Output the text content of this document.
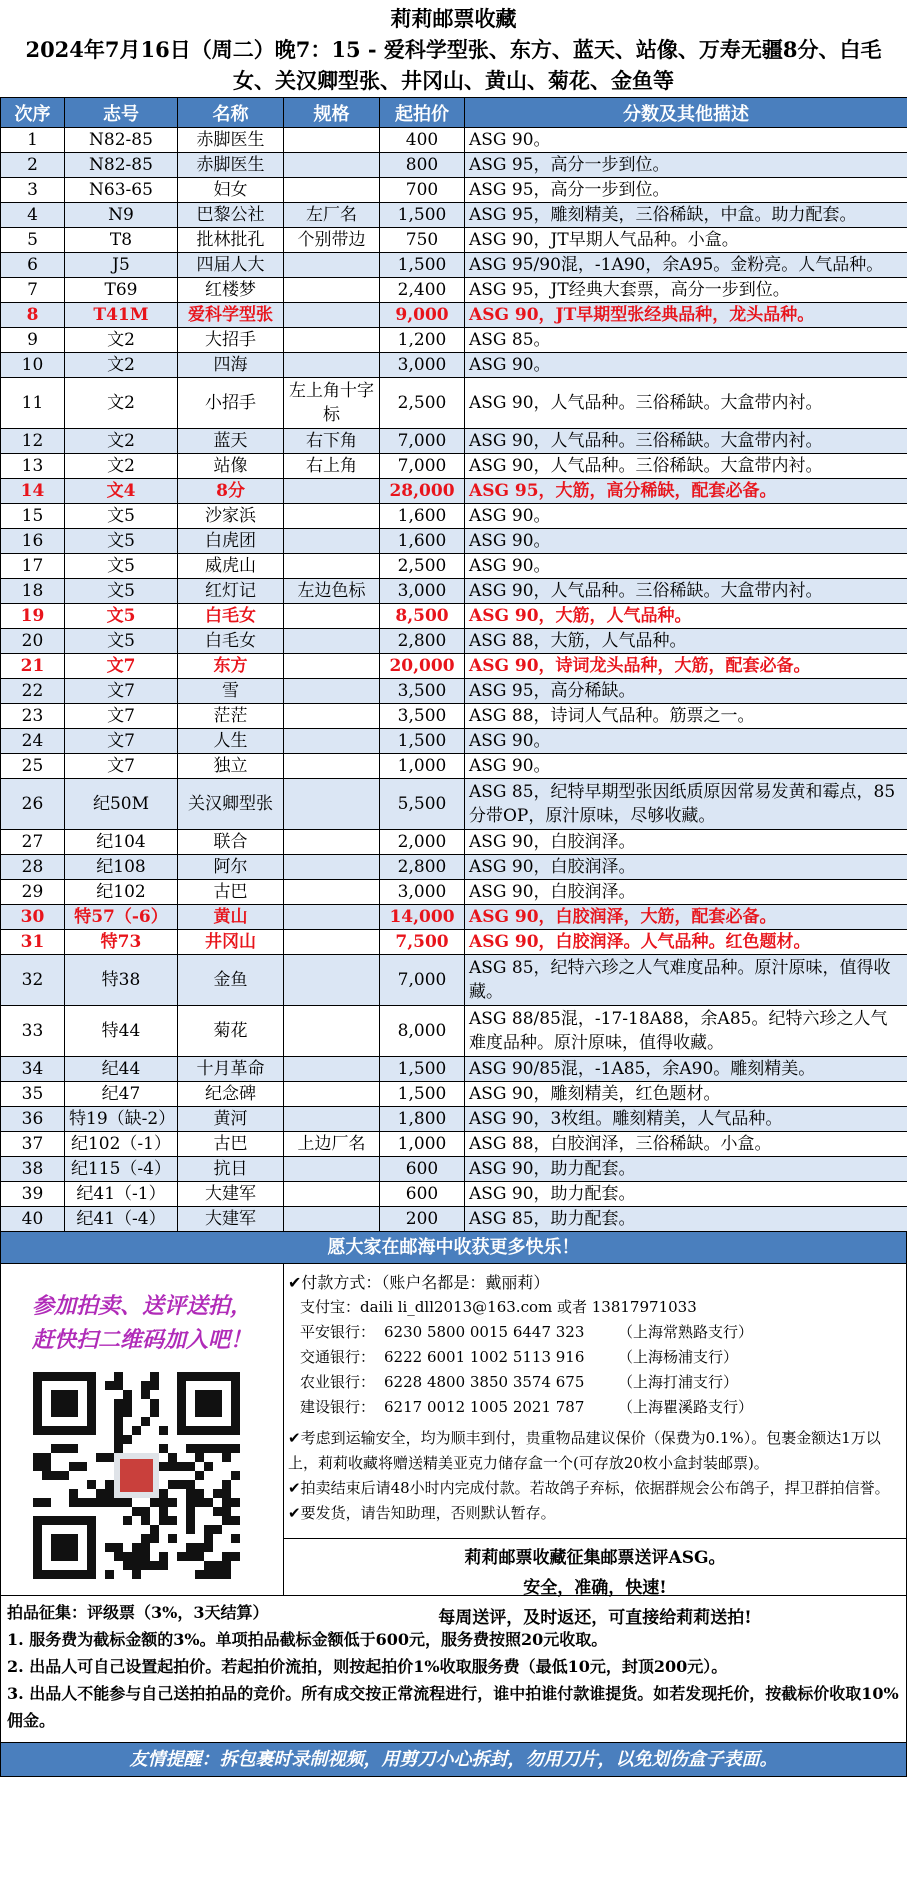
莉莉邮票收藏
2024年7月16日（周二）晚7：15 - 爱科学型张、东方、蓝天、站像、万寿无疆8分、白毛
女、关汉卿型张、井冈山、黄山、菊花、金鱼等
次序	志号	名称	规格	起拍价	分数及其他描述
1	N82-85	赤脚医生		400	ASG 90。
2	N82-85	赤脚医生		800	ASG 95，高分一步到位。
3	N63-65	妇女		700	ASG 95，高分一步到位。
4	N9	巴黎公社	左厂名	1,500	ASG 95，雕刻精美，三俗稀缺，中盒。助力配套。
5	T8	批林批孔	个别带边	750	ASG 90，JT早期人气品种。小盒。
6	J5	四届人大		1,500	ASG 95/90混，-1A90，余A95。金粉亮。人气品种。
7	T69	红楼梦		2,400	ASG 95，JT经典大套票，高分一步到位。
8	T41M	爱科学型张		9,000	ASG 90，JT早期型张经典品种，龙头品种。
9	文2	大招手		1,200	ASG 85。
10	文2	四海		3,000	ASG 90。
11	文2	小招手	左上角十字标	2,500	ASG 90，人气品种。三俗稀缺。大盒带内衬。
12	文2	蓝天	右下角	7,000	ASG 90，人气品种。三俗稀缺。大盒带内衬。
13	文2	站像	右上角	7,000	ASG 90，人气品种。三俗稀缺。大盒带内衬。
14	文4	8分		28,000	ASG 95，大筋，高分稀缺，配套必备。
15	文5	沙家浜		1,600	ASG 90。
16	文5	白虎团		1,600	ASG 90。
17	文5	威虎山		2,500	ASG 90。
18	文5	红灯记	左边色标	3,000	ASG 90，人气品种。三俗稀缺。大盒带内衬。
19	文5	白毛女		8,500	ASG 90，大筋，人气品种。
20	文5	白毛女		2,800	ASG 88，大筋，人气品种。
21	文7	东方		20,000	ASG 90，诗词龙头品种，大筋，配套必备。
22	文7	雪		3,500	ASG 95，高分稀缺。
23	文7	茫茫		3,500	ASG 88，诗词人气品种。筋票之一。
24	文7	人生		1,500	ASG 90。
25	文7	独立		1,000	ASG 90。
26	纪50M	关汉卿型张		5,500	ASG 85，纪特早期型张因纸质原因常易发黄和霉点，85分带OP，原汁原味，尽够收藏。
27	纪104	联合		2,000	ASG 90，白胶润泽。
28	纪108	阿尔		2,800	ASG 90，白胶润泽。
29	纪102	古巴		3,000	ASG 90，白胶润泽。
30	特57（-6）	黄山		14,000	ASG 90，白胶润泽，大筋，配套必备。
31	特73	井冈山		7,500	ASG 90，白胶润泽。人气品种。红色题材。
32	特38	金鱼		7,000	ASG 85，纪特六珍之人气难度品种。原汁原味，值得收藏。
33	特44	菊花		8,000	ASG 88/85混，-17-18A88，余A85。纪特六珍之人气难度品种。原汁原味，值得收藏。
34	纪44	十月革命		1,500	ASG 90/85混，-1A85，余A90。雕刻精美。
35	纪47	纪念碑		1,500	ASG 90，雕刻精美，红色题材。
36	特19（缺-2）	黄河		1,800	ASG 90，3枚组。雕刻精美，人气品种。
37	纪102（-1）	古巴	上边厂名	1,000	ASG 88，白胶润泽，三俗稀缺。小盒。
38	纪115（-4）	抗日		600	ASG 90，助力配套。
39	纪41（-1）	大建军		600	ASG 90，助力配套。
40	纪41（-4）	大建军		200	ASG 85，助力配套。
愿大家在邮海中收获更多快乐！
参加拍卖、送评送拍，
赶快扫二维码加入吧！
✔付款方式：（账户名都是：戴丽莉）
支付宝：daili li_dll2013@163.com 或者 13817971033
平安银行： 6230 5800 0015 6447 323 （上海常熟路支行）
交通银行： 6222 6001 1002 5113 916 （上海杨浦支行）
农业银行： 6228 4800 3850 3574 675 （上海打浦支行）
建设银行： 6217 0012 1005 2021 787 （上海瞿溪路支行）
✔考虑到运输安全，均为顺丰到付，贵重物品建议保价（保费为0.1%）。包裹金额达1万以上，莉莉收藏将赠送精美亚克力储存盒一个(可存放20枚小盒封装邮票)。
✔拍卖结束后请48小时内完成付款。若故鸽子弃标，依据群规会公布鸽子，捍卫群拍信誉。
✔要发货，请告知助理，否则默认暂存。
莉莉邮票收藏征集邮票送评ASG。
安全，准确，快速!
每周送评，及时返还，可直接给莉莉送拍!
拍品征集：评级票（3%，3天结算）
1. 服务费为截标金额的3%。单项拍品截标金额低于600元，服务费按照20元收取。
2. 出品人可自己设置起拍价。若起拍价流拍，则按起拍价1%收取服务费（最低10元，封顶200元）。
3. 出品人不能参与自己送拍拍品的竞价。所有成交按正常流程进行，谁中拍谁付款谁提货。如若发现托价，按截标价收取10%佣金。
友情提醒：拆包裹时录制视频，用剪刀小心拆封，勿用刀片，以免划伤盒子表面。
